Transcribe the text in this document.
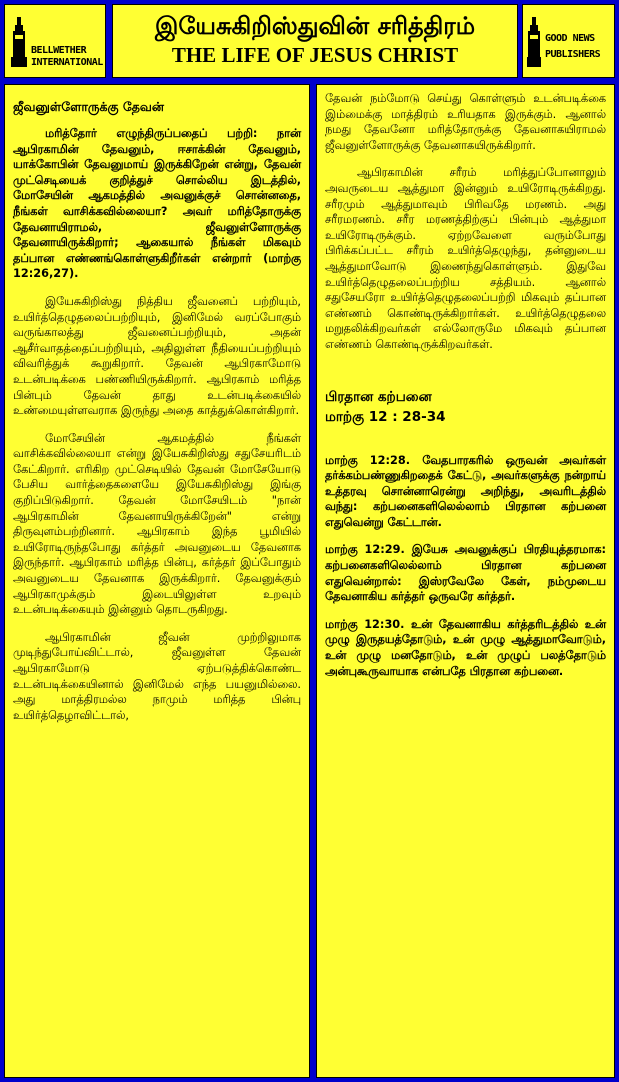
BELLWETHER
INTERNATIONAL
இயேசுகிறிஸ்துவின் சரித்திரம்
THE LIFE OF JESUS CHRIST
GOOD NEWS
PUBLISHERS
ஜீவனுள்ளோருக்கு தேவன்

மரித்தோர் எழுந்திருப்பதைப் பற்றி: நான் ஆபிரகாமின் தேவனும், ஈசாக்கின் தேவனும், யாக்கோபின் தேவனுமாய் இருக்கிறேன் என்று, தேவன் முட்செடியைக் குறித்துச் சொல்லிய இடத்தில், மோசேயின் ஆகமத்தில் அவனுக்குச் சொன்னதை, நீங்கள் வாசிக்கவில்லையா? அவர் மரித்தோருக்கு தேவனாயிராமல், ஜீவனுள்ளோருக்கு தேவனாயிருக்கிறார்; ஆகையால் நீங்கள் மிகவும் தப்பான எண்ணங்கொள்ளுகிறீர்கள் என்றார் (மாற்கு 12:26,27).

இயேசுகிறிஸ்து நித்திய ஜீவனைப் பற்றியும், உயிர்த்தெழுதலைப்பற்றியும், இனிமேல் வரப்போகும் வருங்காலத்து ஜீவனைப்பற்றியும், அதன் ஆசீர்வாதத்தைப்பற்றியும், அதிலுள்ள நீதியைப்பற்றியும் விவரித்துக் கூறுகிறார். தேவன் ஆபிரகாமோடு உடன்படிக்கை பண்ணியிருக்கிறார். ஆபிரகாம் மரித்த பின்பும் தேவன் தாது உடன்படிக்கையில் உண்மையுள்ளவராக இருந்து அதை காத்துக்கொள்கிறார்.

மோசேயின் ஆகமத்தில் நீங்கள் வாசிக்கவில்லையா என்று இயேசுகிறிஸ்து சதுசேயரிடம் கேட்கிறார். எரிகிற முட்செடியில் தேவன் மோசேயோடு பேசிய வார்த்தைகளையே இயேசுகிறிஸ்து இங்கு குறிப்பிடுகிறார். தேவன் மோசேயிடம் "நான் ஆபிரகாமின் தேவனாயிருக்கிறேன்" என்று திருவுளம்பற்றினார். ஆபிரகாம் இந்த பூமியில் உயிரோடிருந்தபோது கர்த்தர் அவனுடைய தேவனாக இருந்தார். ஆபிரகாம் மரித்த பின்பு, கர்த்தர் இப்போதும் அவனுடைய தேவனாக இருக்கிறார். தேவனுக்கும் ஆபிரகாமுக்கும் இடையிலுள்ள உறவும் உடன்படிக்கையும் இன்னும் தொடருகிறது.

ஆபிரகாமின் ஜீவன் முற்றிலுமாக முடிந்துபோய்விட்டால், ஜீவனுள்ள தேவன் ஆபிரகாமோடு ஏற்படுத்திக்கொண்ட உடன்படிக்கையினால் இனிமேல் எந்த பயனுமில்லை. அது மாத்திரமல்ல நாமும் மரித்த பின்பு உயிர்த்தெழாவிட்டால்,

தேவன் நம்மோடு செய்து கொள்ளும் உடன்படிக்கை இம்மைக்கு மாத்திரம் உரியதாக இருக்கும். ஆனால் நமது தேவனோ மரித்தோருக்கு தேவனாகயிராமல் ஜீவனுள்ளோருக்கு தேவனாகயிருக்கிறார்.

ஆபிரகாமின் சரீரம் மரித்துப்போனாலும் அவருடைய ஆத்துமா இன்னும் உயிரோடிருக்கிறது. சரீரமும் ஆத்துமாவும் பிரிவதே மரணம். அது சரீரமரணம். சரீர மரணத்திற்குப் பின்பும் ஆத்துமா உயிரோடிருக்கும். ஏற்றவேளை வரும்போது பிரிக்கப்பட்ட சரீரம் உயிர்த்தெழுந்து, தன்னுடைய ஆத்துமாவோடு இணைந்துகொள்ளும். இதுவே உயிர்த்தெழுதலைப்பற்றிய சத்தியம். ஆனால் சதுசேயரோ உயிர்த்தெழுதலைப்பற்றி மிகவும் தப்பான எண்ணம் கொண்டிருக்கிறார்கள். உயிர்த்தெழுதலை மறுதலிக்கிறவர்கள் எல்லோருமே மிகவும் தப்பான எண்ணம் கொண்டிருக்கிறவர்கள்.

பிரதான கற்பனை
மாற்கு 12 : 28-34

மாற்கு 12:28. வேதபாரகரில் ஒருவன் அவர்கள் தர்க்கம்பண்ணுகிறதைக் கேட்டு, அவர்களுக்கு நன்றாய் உத்தரவு சொன்னாரென்று அறிந்து, அவரிடத்தில் வந்து: கற்பனைகளிலெல்லாம் பிரதான கற்பனை எதுவென்று கேட்டான்.

மாற்கு 12:29. இயேசு அவனுக்குப் பிரதியுத்தரமாக: கற்பனைகளிலெல்லாம் பிரதான கற்பனை எதுவென்றால்: இஸ்ரவேலே கேள், நம்முடைய தேவனாகிய கர்த்தர் ஒருவரே கர்த்தர்.

மாற்கு 12:30. உன் தேவனாகிய கர்த்தரிடத்தில் உன் முழு இருதயத்தோடும், உன் முழு ஆத்துமாவோடும், உன் முழு மனதோடும், உன் முழுப் பலத்தோடும் அன்புகூருவாயாக என்பதே பிரதான கற்பனை.
